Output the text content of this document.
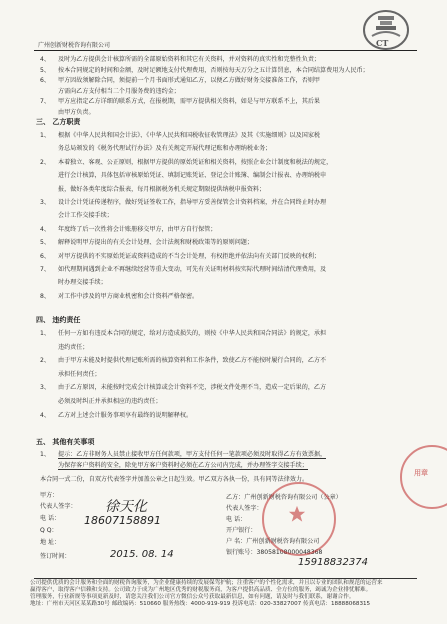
CT
广州创新财税咨询有限公司
4、 及时为乙方提供会计核算所需的全部原始资料和其它有关资料，并对资料的真实性和完整性负责；
5、 按本合同规定的时间和金额，及时足额地支付代理费用，否则按每天万分之五计算罚息，本合同结算费用为人民币；
6、 甲方因故须解除合同，须提前一个月书面形式通知乙方，以便乙方做好财务交接准备工作，否则甲
方需向乙方支付相当二个月服务费的违约金；
7、 甲方应指定乙方详细的联系方式，在报税期，需甲方提供相关资料，如是与甲方联系不上，其后果
由甲方负责。
三、 乙方职责
1、 根据《中华人民共和国会计法》、《中华人民共和国税收征收管理法》及其《实施细则》以及国家税
务总局颁发的《税务代理试行办法》及有关规定开展代理记账和办理纳税业务；
2、 本着独立、客观、公正原则，根据甲方提供的原始凭证和相关资料，按照企业会计制度和税法的规定，
进行会计核算，具体包括审核原始凭证、填制记账凭证、登记会计账簿、编制会计报表、办理纳税申
报，做好各类年度综合报表，每月根据税务机关规定期限提供纳税申报资料；
3、 设计会计凭证传递程序，做好凭证签收工作，指导甲方妥善保管会计资料档案，并在合同终止时办理
会计工作交接手续；
4、 年度终了后一次性将会计账册移交甲方，由甲方自行保管；
5、 解释说明甲方提出的有关会计处理、会计法规和财税政策等的原则问题；
6、 对甲方提供的不实原始凭证或资料造成的不当会计处理，有权拒绝并依法向有关部门反映的权利；
7、 如代理期间遇到企业不再继续经营等重大变动，可先有关证明材料按实际代理时间结清代理费用，及
时办理交接手续；
8、 对工作中涉及的甲方商业机密和会计资料严格保密。
四、 违约责任
1、 任何一方如有违反本合同的规定，给对方造成损失的，则按《中华人民共和国合同法》的规定，承担
违约责任；
2、 由于甲方未能及时提供代理记账所需的核算资料和工作条件，致使乙方不能按时履行合同的，乙方不
承担任何责任；
3、 由于乙方原因，未能按时完成会计核算或会计资料不完，涉税文件处理不当，造成一定后果的，乙方
必须及时纠正并承担相应的违约责任；
4、 乙方对上述会计服务事项享有最终的说明解释权。
五、 其他有关事项
1、 提示：乙方非财务人员禁止接收甲方任何款项，甲方支付任何一笔款项必须及时取得乙方有效票据，
为保存客户资料的安全，除免甲方客户资料时必须在乙方公司内完成，并办理签字交接手续；
本合同一式二份，自双方代表签字并加盖公章之日起生效。甲乙双方各执一份，具有同等法律效力。
甲方：
代表人签字：
电 话：
Q Q：
地 址：
签订时间：
徐天化
18607158891
2015. 08. 14
乙方：广州创新财税咨询有限公司（公章）
代表人签字：
电 话：
开户银行：
户 名：广州创新财税咨询有限公司
银行账号：38058108000048368
15918832374
用章
公司提供优质的会计服务和全面的财税咨询服务，为企业健康持续的发展保驾护航；注重客户的个性化需求，并且以专业的团队和规范的运营来
赢得客户，取得客户信赖和支持。公司致力于成为广州地区优秀的财税服务商，为客户提供高品质、全方位的服务，竭诚为企业排忧解难。
管理服务，行业新规等事项更新及时，请您关注我们公司官方微信公众号获取最新信息，如有问题，请及时与我们联系，谢谢合作。
地址：广州市天河区某某路30号 邮政编码：510660 服务热线：4000-919-919 投诉电话：020-33827007 传真电话：18888068315
